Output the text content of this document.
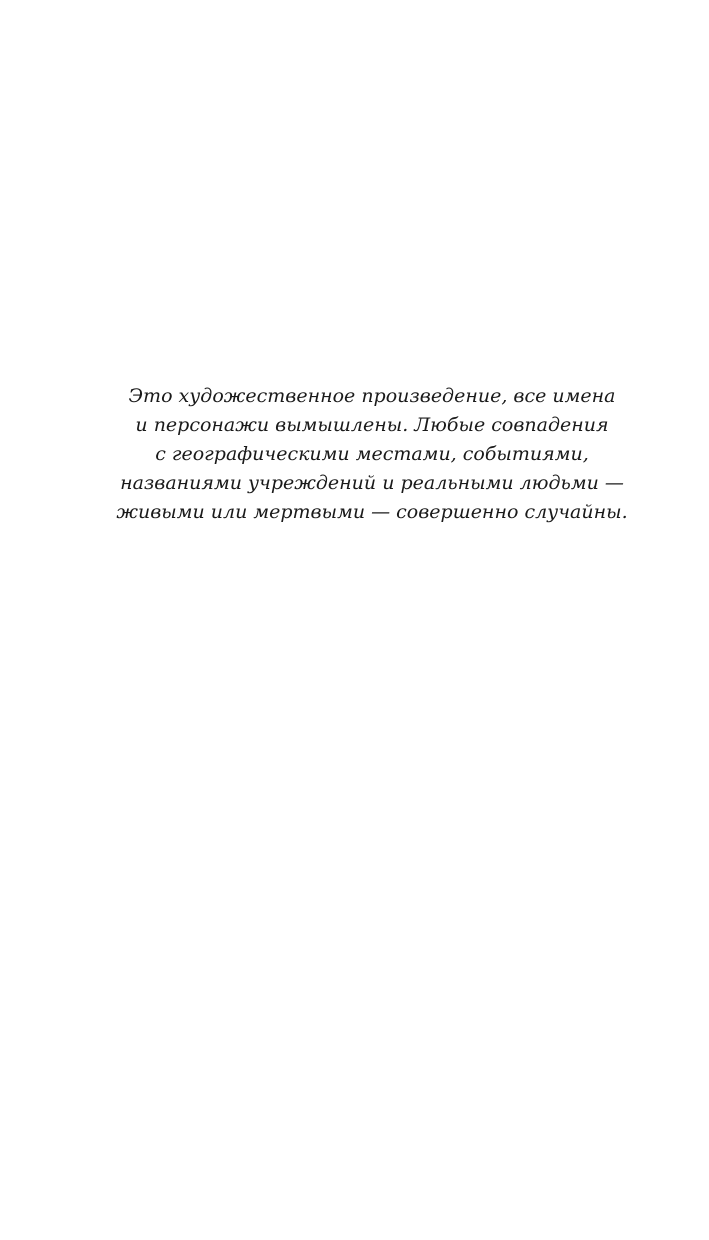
Это художественное произведение, все имена
и персонажи вымышлены. Любые совпадения
с географическими местами, событиями,
названиями учреждений и реальными людьми —
живыми или мертвыми — совершенно случайны.
